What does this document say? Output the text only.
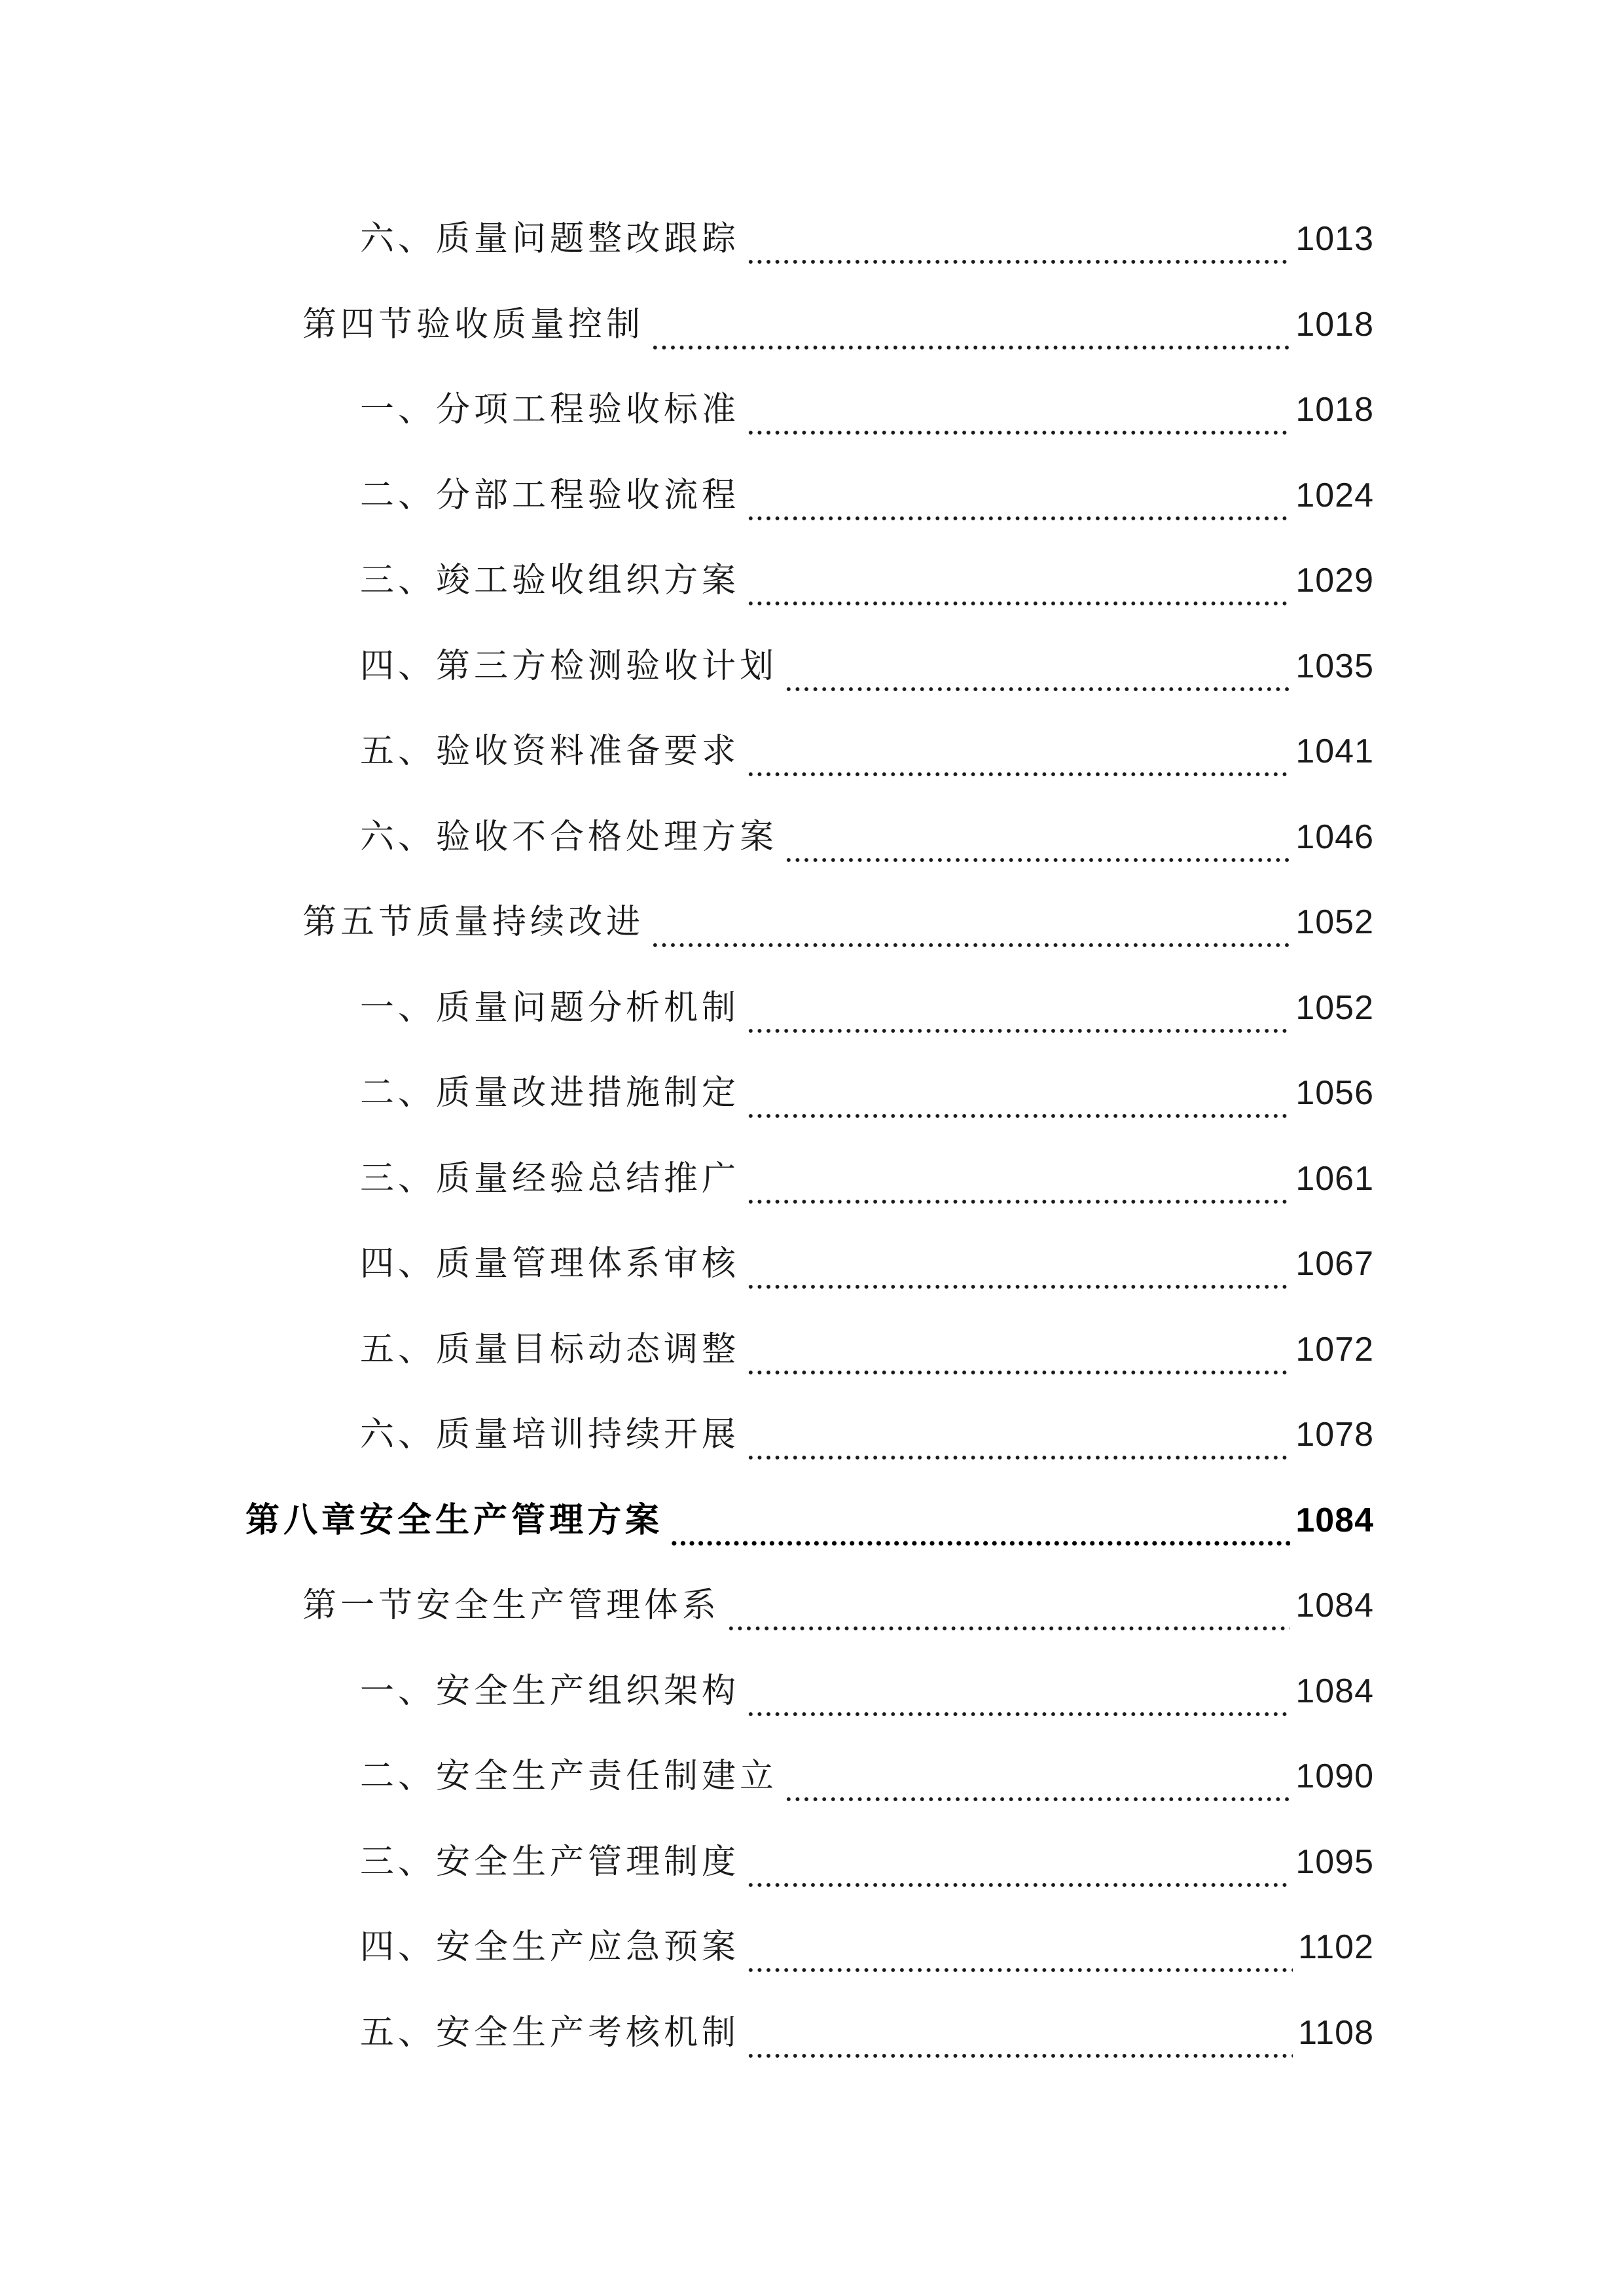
六、质量问题整改跟踪	1013
第四节验收质量控制	1018
一、分项工程验收标准	1018
二、分部工程验收流程	1024
三、竣工验收组织方案	1029
四、第三方检测验收计划	1035
五、验收资料准备要求	1041
六、验收不合格处理方案	1046
第五节质量持续改进	1052
一、质量问题分析机制	1052
二、质量改进措施制定	1056
三、质量经验总结推广	1061
四、质量管理体系审核	1067
五、质量目标动态调整	1072
六、质量培训持续开展	1078
第八章安全生产管理方案	1084
第一节安全生产管理体系	1084
一、安全生产组织架构	1084
二、安全生产责任制建立	1090
三、安全生产管理制度	1095
四、安全生产应急预案	1102
五、安全生产考核机制	1108
